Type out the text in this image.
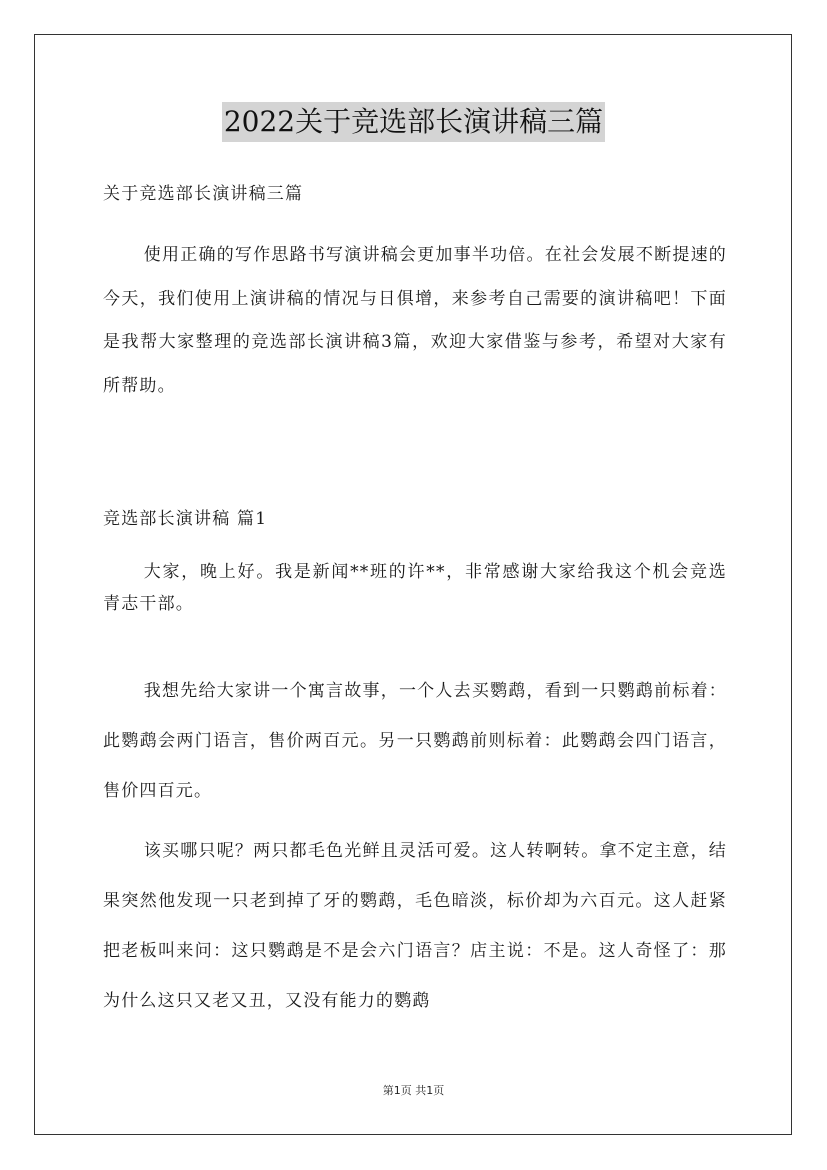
2022关于竞选部长演讲稿三篇
关于竞选部长演讲稿三篇
使用正确的写作思路书写演讲稿会更加事半功倍。在社会发展不断提速的今天，我们使用上演讲稿的情况与日俱增，来参考自己需要的演讲稿吧！下面是我帮大家整理的竞选部长演讲稿3篇，欢迎大家借鉴与参考，希望对大家有所帮助。
竞选部长演讲稿 篇1
大家，晚上好。我是新闻**班的许**，非常感谢大家给我这个机会竞选青志干部。
我想先给大家讲一个寓言故事，一个人去买鹦鹉，看到一只鹦鹉前标着：此鹦鹉会两门语言，售价两百元。另一只鹦鹉前则标着：此鹦鹉会四门语言，售价四百元。
该买哪只呢？两只都毛色光鲜且灵活可爱。这人转啊转。拿不定主意，结果突然他发现一只老到掉了牙的鹦鹉，毛色暗淡，标价却为六百元。这人赶紧把老板叫来问：这只鹦鹉是不是会六门语言？店主说：不是。这人奇怪了：那为什么这只又老又丑，又没有能力的鹦鹉
第1页 共1页
